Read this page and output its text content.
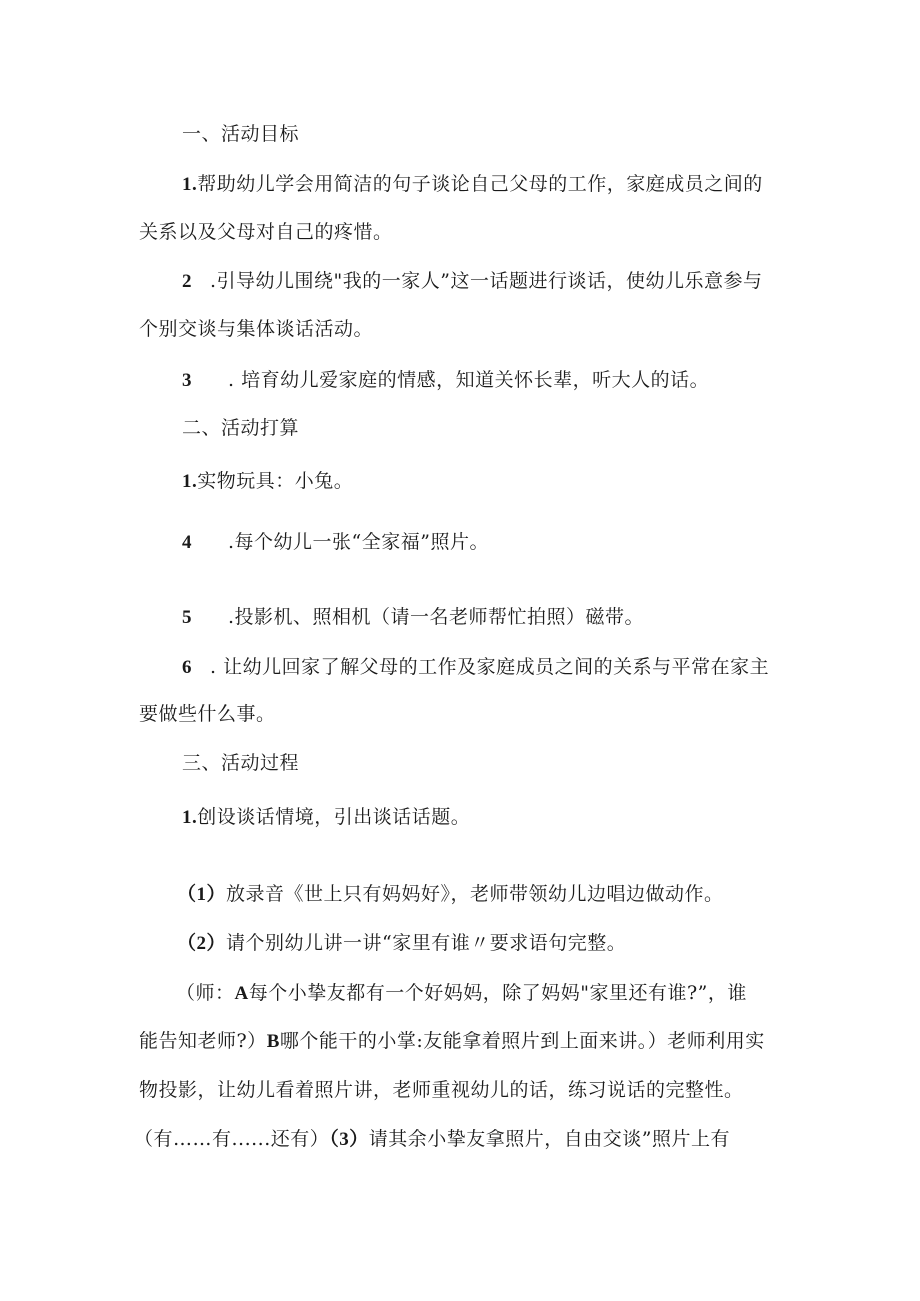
一、活动目标
1.帮助幼儿学会用简洁的句子谈论自己父母的工作，家庭成员之间的
关系以及父母对自己的疼惜。
2 .引导幼儿围绕"我的一家人”这一话题进行谈话，使幼儿乐意参与
个别交谈与集体谈话活动。
3 . 培育幼儿爱家庭的情感，知道关怀长辈，听大人的话。
二、活动打算
1.实物玩具：小兔。
4 .每个幼儿一张“全家福”照片。
5 .投影机、照相机（请一名老师帮忙拍照）磁带。
6 . 让幼儿回家了解父母的工作及家庭成员之间的关系与平常在家主
要做些什么事。
三、活动过程
1.创设谈话情境，引出谈话话题。
（1）放录音《世上只有妈妈好》，老师带领幼儿边唱边做动作。
（2）请个别幼儿讲一讲“家里有谁〃要求语句完整。
（师：A每个小挚友都有一个好妈妈，除了妈妈"家里还有谁?”，谁
能告知老师?）B哪个能干的小掌:友能拿着照片到上面来讲。）老师利用实
物投影，让幼儿看着照片讲，老师重视幼儿的话，练习说话的完整性。
（有……有......还有）（3）请其余小挚友拿照片，自由交谈”照片上有
